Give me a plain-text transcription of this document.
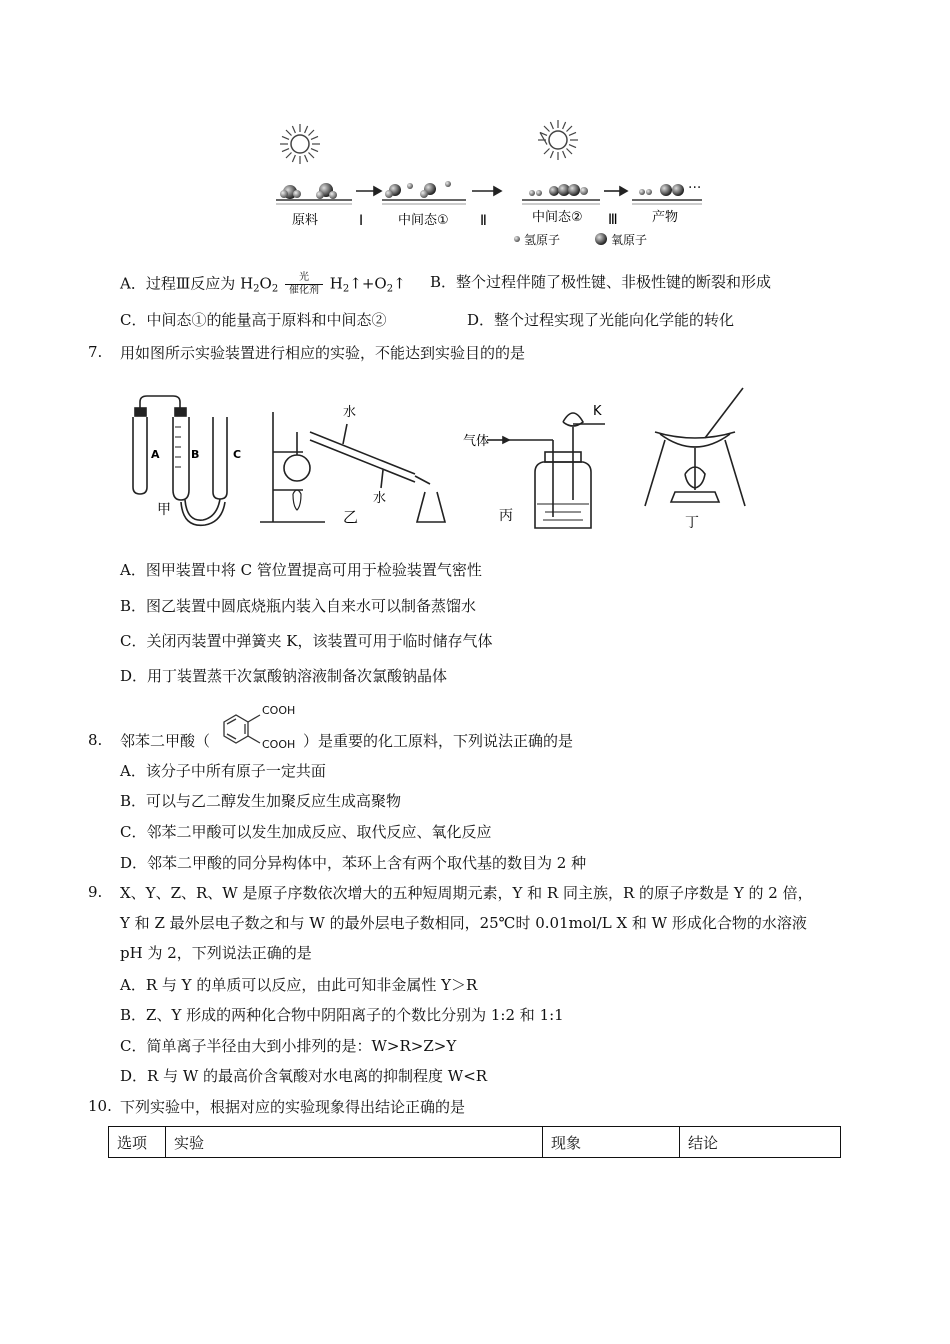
···
原料	Ⅰ	中间态① Ⅱ	中间态② Ⅲ	产物
氢原子	氧原子
A．过程Ⅲ反应为 $H_2O_2 \frac{\text{光}}{\text{催化剂}}$ $H_2↑+O_2↑$ B．整个过程伴随了极性键、非极性键的断裂和形成
C．中间态①的能量高于原料和中间态②	D．整个过程实现了光能向化学能的转化
7. 用如图所示实验装置进行相应的实验，不能达到实验目的的是
A	B	C
甲
水
水
乙
气体
K
丙	丁
A．图甲装置中将 C 管位置提高可用于检验装置气密性
B．图乙装置中圆底烧瓶内装入自来水可以制备蒸馏水
C．关闭丙装置中弹簧夹 K，该装置可用于临时储存气体
D．用丁装置蒸干次氯酸钠溶液制备次氯酸钠晶体
8. 邻苯二甲酸（
COOH
COOH ）是重要的化工原料，下列说法正确的是
A．该分子中所有原子一定共面
B．可以与乙二醇发生加聚反应生成高聚物
C．邻苯二甲酸可以发生加成反应、取代反应、氧化反应
D．邻苯二甲酸的同分异构体中，苯环上含有两个取代基的数目为 2 种
9. X、Y、Z、R、W 是原子序数依次增大的五种短周期元素，Y 和 R 同主族，R 的原子序数是 Y 的 2 倍，
Y 和 Z 最外层电子数之和与 W 的最外层电子数相同，25℃时 0.01mol/L X 和 W 形成化合物的水溶液
pH 为 2，下列说法正确的是
A．R 与 Y 的单质可以反应，由此可知非金属性 Y＞R
B．Z、Y 形成的两种化合物中阴阳离子的个数比分别为 1:2 和 1:1
C．简单离子半径由大到小排列的是：W>R>Z>Y
D．R 与 W 的最高价含氧酸对水电离的抑制程度 W<R
10. 下列实验中，根据对应的实验现象得出结论正确的是
选项	实验	现象	结论
